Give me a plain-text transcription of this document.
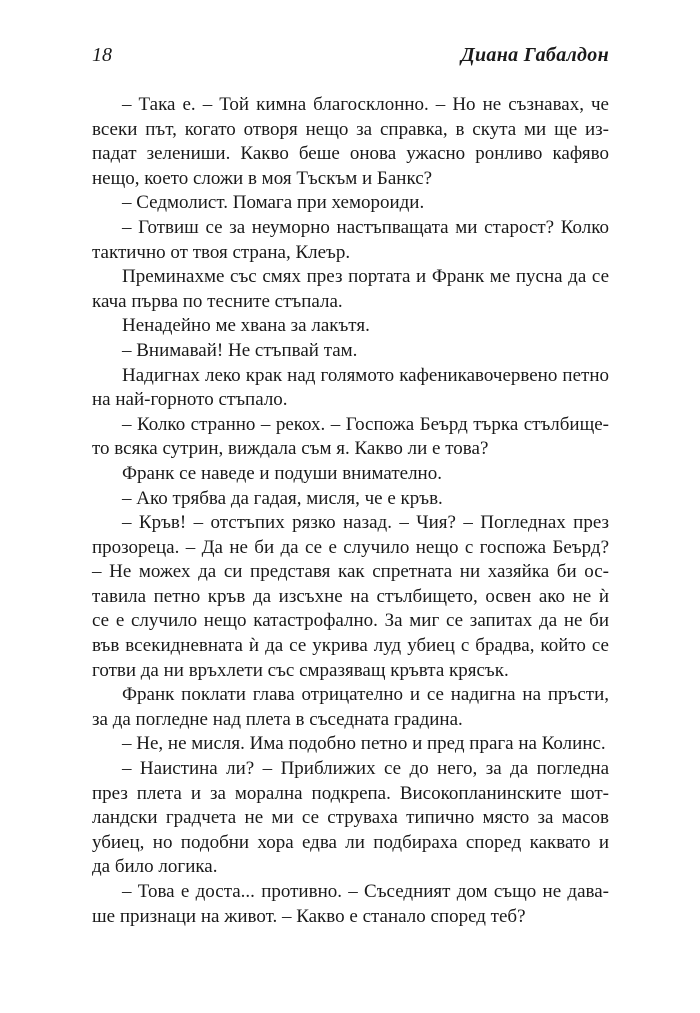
18	Диана Габалдон
– Така е. – Той кимна благосклонно. – Но не съзнавах, че
всеки път, когато отворя нещо за справка, в скута ми ще из-
падат зелениши. Какво беше онова ужасно ронливо кафяво
нещо, което сложи в моя Тъскъм и Банкс?
– Седмолист. Помага при хемороиди.
– Готвиш се за неуморно настъпващата ми старост? Колко
тактично от твоя страна, Клеър.
Преминахме със смях през портата и Франк ме пусна да се
кача първа по тесните стъпала.
Ненадейно ме хвана за лакътя.
– Внимавай! Не стъпвай там.
Надигнах леко крак над голямото кафеникавочервено петно
на най-горното стъпало.
– Колко странно – рекох. – Госпожа Беърд търка стълбище-
то всяка сутрин, виждала съм я. Какво ли е това?
Франк се наведе и подуши внимателно.
– Ако трябва да гадая, мисля, че е кръв.
– Кръв! – отстъпих рязко назад. – Чия? – Погледнах през
прозореца. – Да не би да се е случило нещо с госпожа Беърд?
– Не можех да си представя как спретната ни хазяйка би ос-
тавила петно кръв да изсъхне на стълбището, освен ако не ѝ
се е случило нещо катастрофално. За миг се запитах да не би
във всекидневната ѝ да се укрива луд убиец с брадва, който се
готви да ни връхлети със смразяващ кръвта крясък.
Франк поклати глава отрицателно и се надигна на пръсти,
за да погледне над плета в съседната градина.
– Не, не мисля. Има подобно петно и пред прага на Колинс.
– Наистина ли? – Приближих се до него, за да погледна
през плета и за морална подкрепа. Високопланинските шот-
ландски градчета не ми се струваха типично място за масов
убиец, но подобни хора едва ли подбираха според каквато и
да било логика.
– Това е доста... противно. – Съседният дом също не дава-
ше признаци на живот. – Какво е станало според теб?
